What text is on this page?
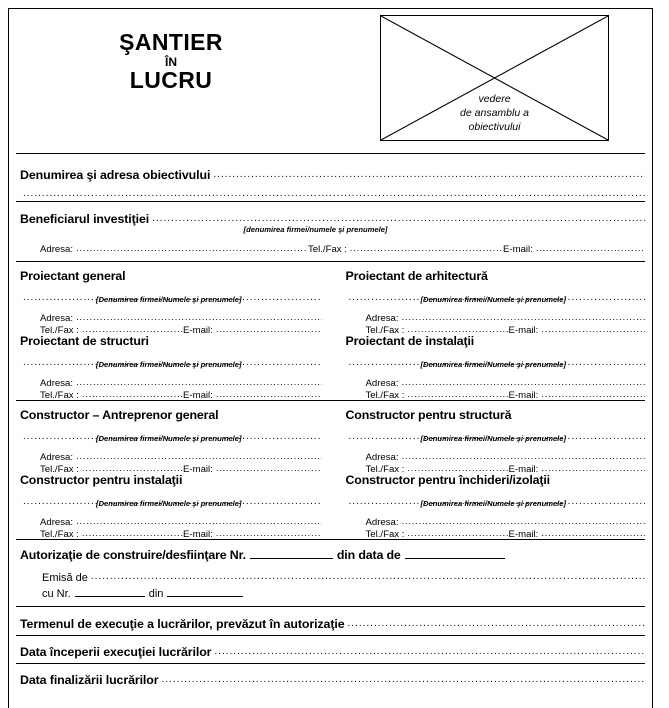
ŞANTIER
ÎN
LUCRU
vedere
de ansamblu a
obiectivului
Denumirea şi adresa obiectivului
.....
.....
Beneficiarul investiţiei
.....
[denumirea firmei/numele şi prenumele]
Adresa: .....	Tel./Fax : .....	E-mail:
.....
Proiectant general
.....
[Denumirea firmei/Numele şi prenumele]
Adresa:
.....
Tel./Fax : .....	E-mail:
.....
Proiectant de structuri
.....
[Denumirea firmei/Numele şi prenumele]
Adresa:
.....
Tel./Fax : .....	E-mail:
.....
Proiectant de arhitectură
.....
[Denumirea firmei/Numele şi prenumele]
Adresa:
.....
Tel./Fax : .....	E-mail:
.....
Proiectant de instalaţii
.....
[Denumirea firmei/Numele şi prenumele]
Adresa:
.....
Tel./Fax : .....	E-mail:
.....
Constructor – Antreprenor general
.....
[Denumirea firmei/Numele şi prenumele]
Adresa:
.....
Tel./Fax : .....	E-mail:
.....
Constructor pentru instalaţii
.....
[Denumirea firmei/Numele şi prenumele]
Adresa:
.....
Tel./Fax : .....	E-mail:
.....
Constructor pentru structură
.....
[Denumirea firmei/Numele şi prenumele]
Adresa:
.....
Tel./Fax : .....	E-mail:
.....
Constructor pentru închideri/izolaţii
.....
[Denumirea firmei/Numele şi prenumele]
Adresa:
.....
Tel./Fax : .....	E-mail:
.....
Autorizaţie de construire/desfiinţare Nr.	din data de
Emisă de
.....
cu Nr.	din
Termenul de execuţie a lucrărilor, prevăzut în autorizaţie
.....
Data începerii execuţiei lucrărilor
.....
Data finalizării lucrărilor
.....
